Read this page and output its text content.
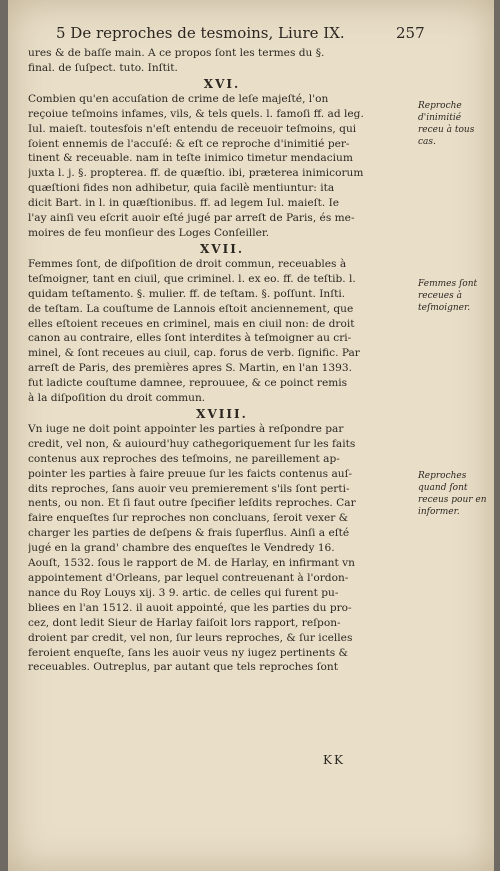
5 De reproches de tesmoins, Liure IX.	257
ures & de baſſe main. A ce propos ſont les termes du §.
final. de ſuſpect. tuto. Inſtit.
XVI.
Combien qu'en accuſation de crime de leſe majeſté, l'on
reçoiue teſmoins infames, vils, & tels quels. l. famoſi ff. ad leg.
Iul. maieſt. toutesfois n'eſt entendu de receuoir teſmoins, qui
ſoient ennemis de l'accuſé: & eſt ce reproche d'inimitié per-
tinent & receuable. nam in teſte inimico timetur mendacium
juxta l. j. §. propterea. ff. de quæſtio. ibi, præterea inimicorum
quæſtioni fides non adhibetur, quia facilè mentiuntur: ita
dicit Bart. in l. in quæſtionibus. ff. ad legem Iul. maieſt. Ie
l'ay ainſi veu eſcrit auoir eſté jugé par arreſt de Paris, és me-
moires de feu monſieur des Loges Conſeiller.
XVII.
Femmes ſont, de diſpoſition de droit commun, receuables à
teſmoigner, tant en ciuil, que criminel. l. ex eo. ff. de teſtib. l.
quidam teſtamento. §. mulier. ff. de teſtam. §. poſſunt. Inſti.
de teſtam. La couſtume de Lannois eſtoit anciennement, que
elles eſtoient receues en criminel, mais en ciuil non: de droit
canon au contraire, elles ſont interdites à teſmoigner au cri-
minel, & ſont receues au ciuil, cap. forus de verb. ſignific. Par
arreſt de Paris, des premières apres S. Martin, en l'an 1393.
fut ladicte couſtume damnee, reprouuee, & ce poinct remis
à la diſpoſition du droit commun.
XVIII.
Vn iuge ne doit point appointer les parties à reſpondre par
credit, vel non, & auiourd'huy cathegoriquement ſur les faits
contenus aux reproches des teſmoins, ne pareillement ap-
pointer les parties à faire preuue ſur les faicts contenus auſ-
dits reproches, ſans auoir veu premierement s'ils ſont perti-
nents, ou non. Et ſi faut outre ſpecifier leſdits reproches. Car
faire enqueſtes ſur reproches non concluans, ſeroit vexer &
charger les parties de deſpens & frais ſuperflus. Ainſi a eſté
jugé en la grand' chambre des enqueſtes le Vendredy 16.
Aouſt, 1532. ſous le rapport de M. de Harlay, en infirmant vn
appointement d'Orleans, par lequel contreuenant à l'ordon-
nance du Roy Louys xij. 3 9. artic. de celles qui furent pu-
bliees en l'an 1512. il auoit appointé, que les parties du pro-
cez, dont ledit Sieur de Harlay faiſoit lors rapport, reſpon-
droient par credit, vel non, ſur leurs reproches, & ſur icelles
feroient enqueſte, ſans les auoir veus ny iugez pertinents &
receuables. Outreplus, par autant que tels reproches ſont
Reproche d'inimitié receu à tous cas.
Femmes ſont receues à teſmoigner.
Reproches quand ſont receus pour en informer.
KK
